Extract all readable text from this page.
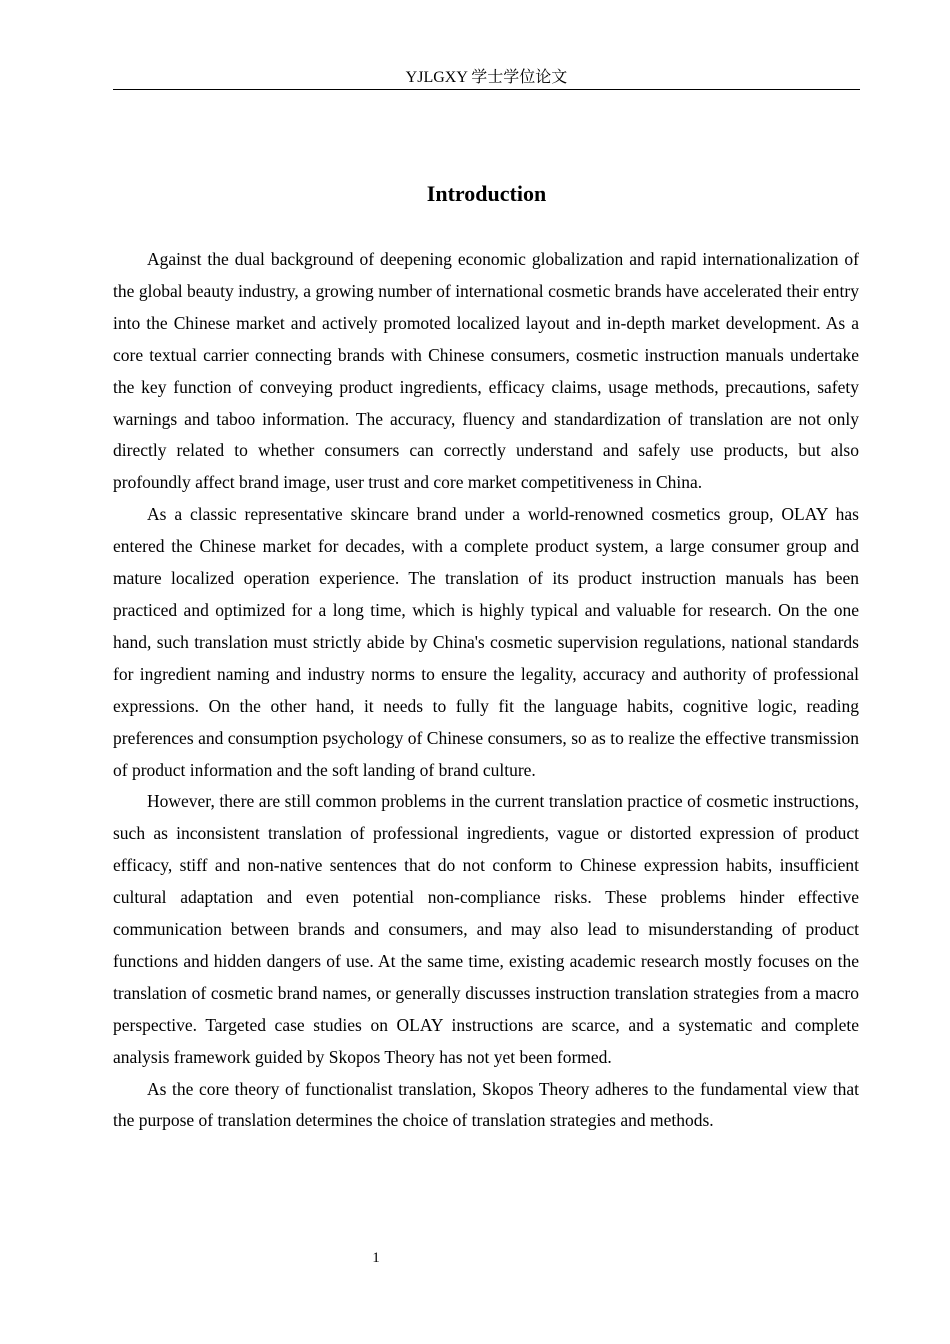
YJLGXY 学士学位论文
Introduction

Against the dual background of deepening economic globalization and rapid internationalization of the global beauty industry, a growing number of international cosmetic brands have accelerated their entry into the Chinese market and actively promoted localized layout and in-depth market development. As a core textual carrier connecting brands with Chinese consumers, cosmetic instruction manuals undertake the key function of conveying product ingredients, efficacy claims, usage methods, precautions, safety warnings and taboo information. The accuracy, fluency and standardization of translation are not only directly related to whether consumers can correctly understand and safely use products, but also profoundly affect brand image, user trust and core market competitiveness in China.

As a classic representative skincare brand under a world-renowned cosmetics group, OLAY has entered the Chinese market for decades, with a complete product system, a large consumer group and mature localized operation experience. The translation of its product instruction manuals has been practiced and optimized for a long time, which is highly typical and valuable for research. On the one hand, such translation must strictly abide by China's cosmetic supervision regulations, national standards for ingredient naming and industry norms to ensure the legality, accuracy and authority of professional expressions. On the other hand, it needs to fully fit the language habits, cognitive logic, reading preferences and consumption psychology of Chinese consumers, so as to realize the effective transmission of product information and the soft landing of brand culture.

However, there are still common problems in the current translation practice of cosmetic instructions, such as inconsistent translation of professional ingredients, vague or distorted expression of product efficacy, stiff and non-native sentences that do not conform to Chinese expression habits, insufficient cultural adaptation and even potential non-compliance risks. These problems hinder effective communication between brands and consumers, and may also lead to misunderstanding of product functions and hidden dangers of use. At the same time, existing academic research mostly focuses on the translation of cosmetic brand names, or generally discusses instruction translation strategies from a macro perspective. Targeted case studies on OLAY instructions are scarce, and a systematic and complete analysis framework guided by Skopos Theory has not yet been formed.

As the core theory of functionalist translation, Skopos Theory adheres to the fundamental view that the purpose of translation determines the choice of translation strategies and methods.

1
